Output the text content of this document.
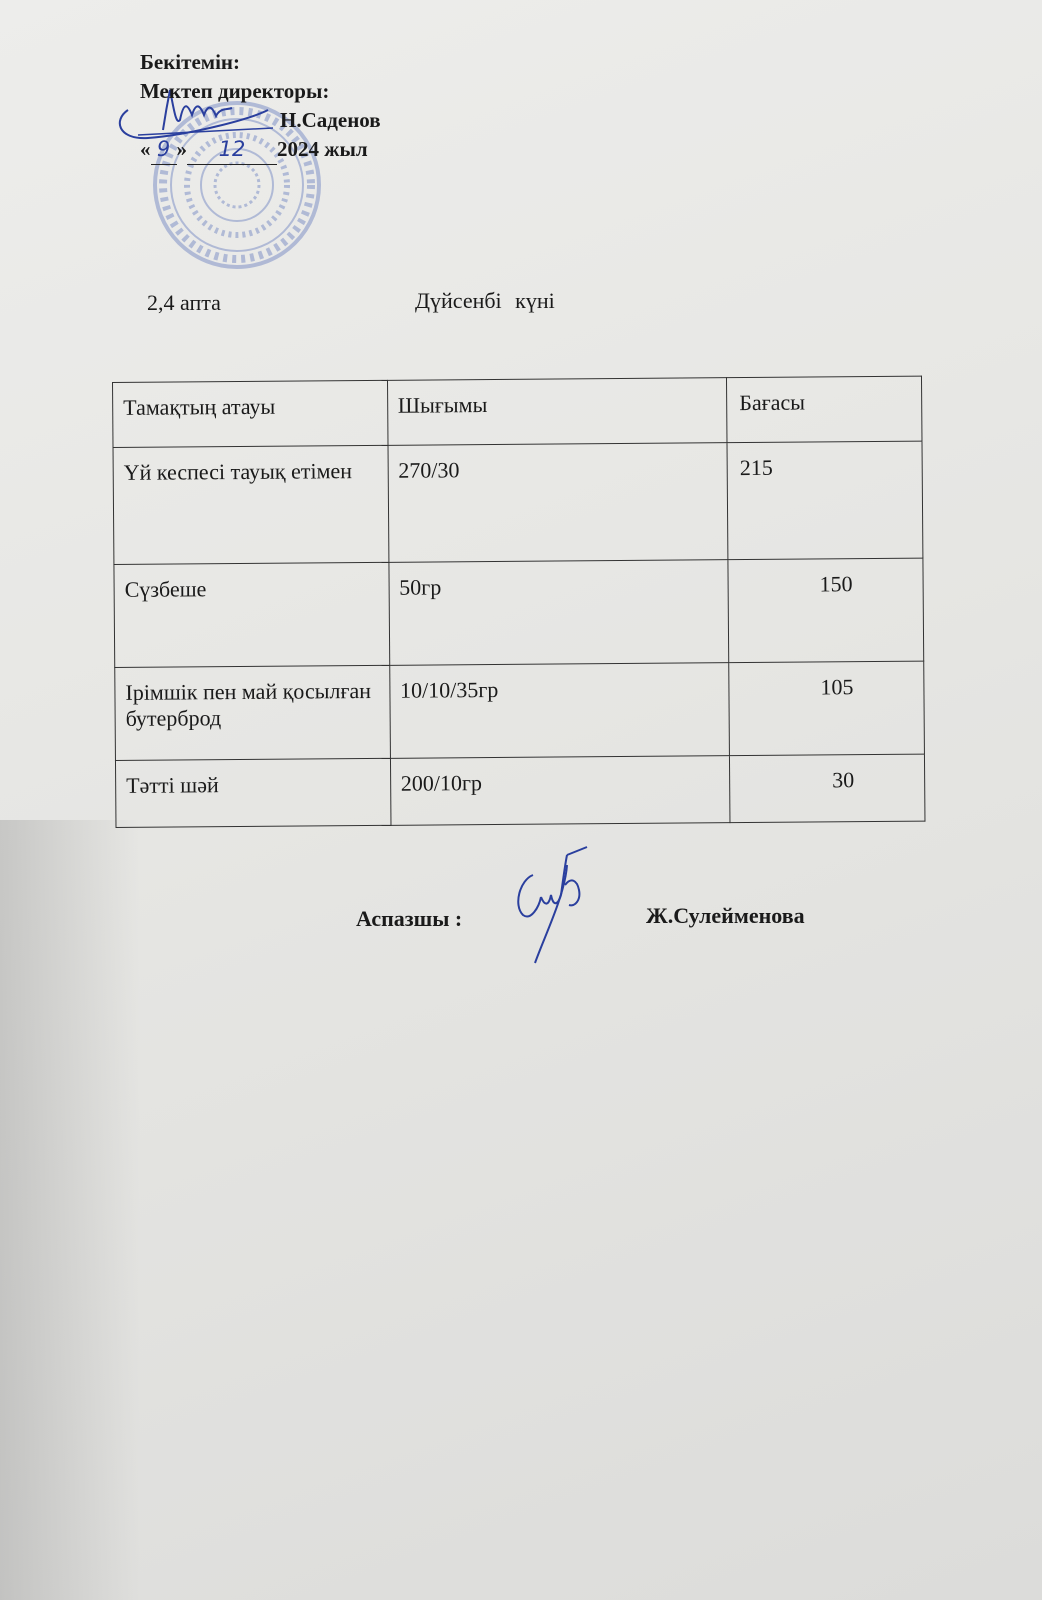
Бекітемін:
Мектеп директоры:
Н.Саденов
« 9 » 12 2024 жыл
2,4 апта	Дүйсенбі күні
Тамақтың атауы	Шығымы	Бағасы
Үй кеспесі тауық етімен	270/30	215
Сүзбеше	50гр	150
Ірімшік пен май қосылған бутерброд	10/10/35гр	105
Тәтті шәй	200/10гр	30
Аспазшы :	Ж.Сулейменова
